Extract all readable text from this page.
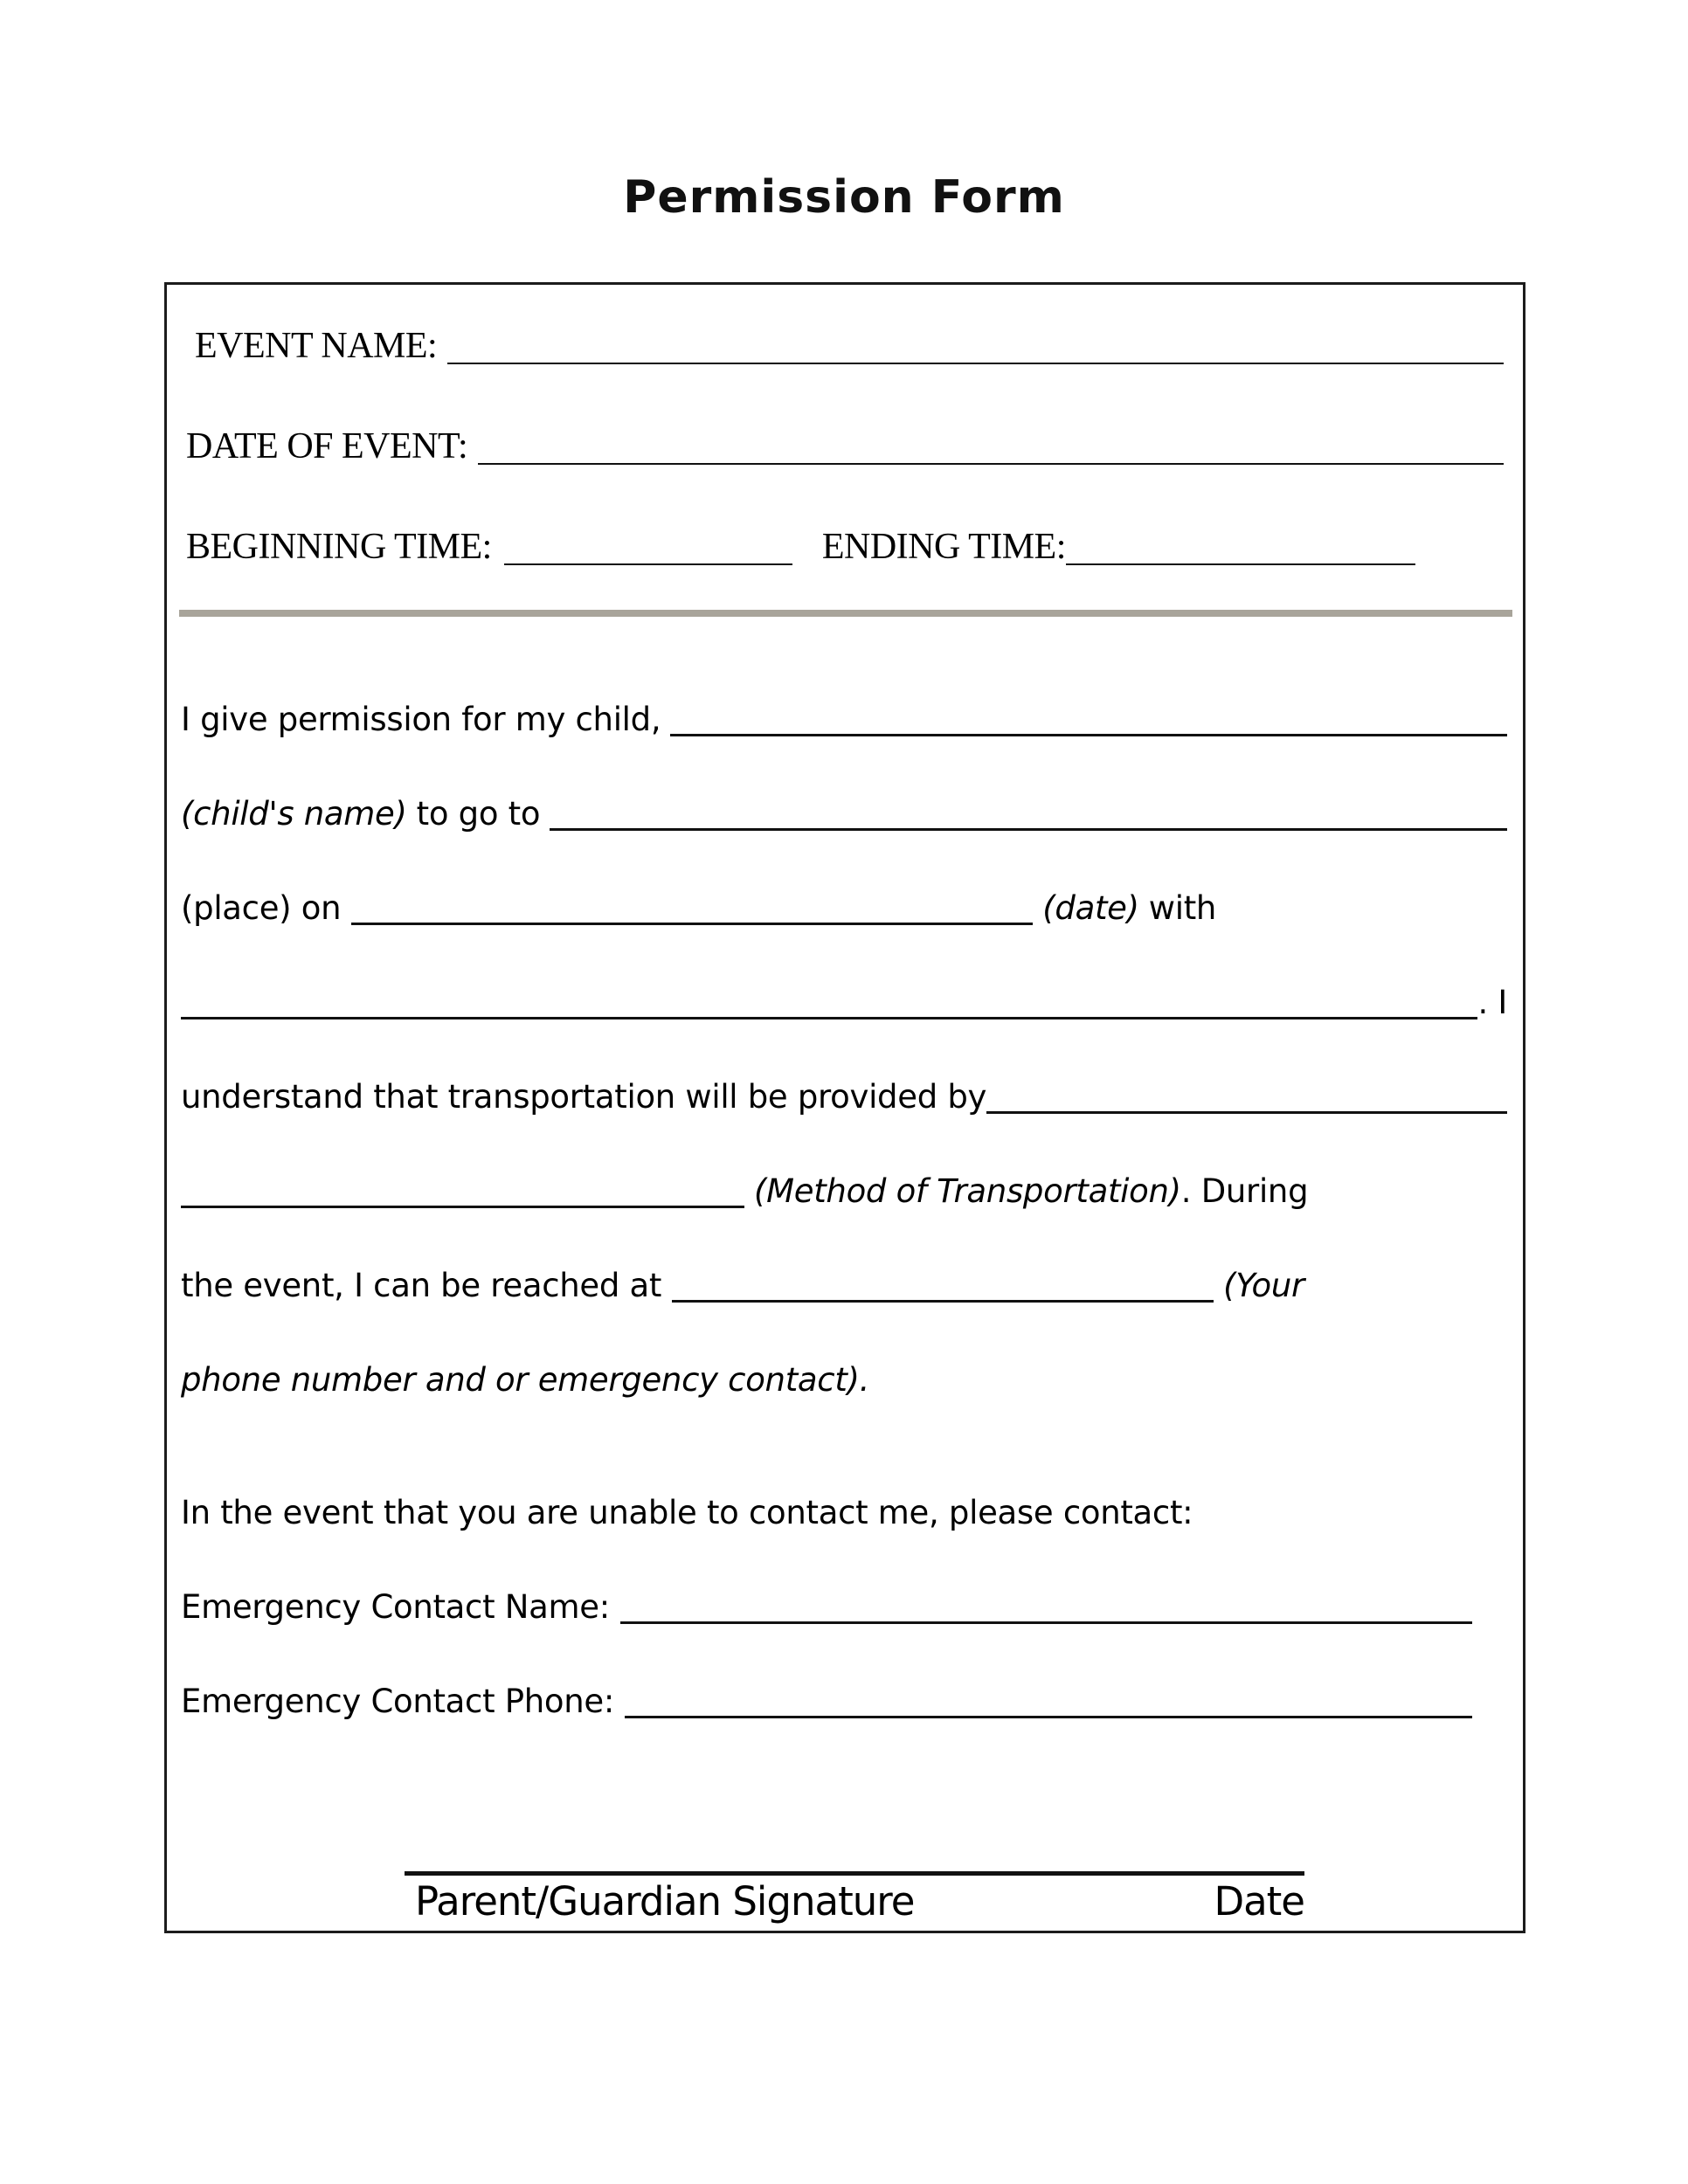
Permission Form
EVENT NAME:
DATE OF EVENT:
BEGINNING TIME:	ENDING TIME:
I give permission for my child,
(child's name) to go to
(place) on	(date) with
. I
understand that transportation will be provided by
(Method of Transportation) . During
the event, I can be reached at	(Your
phone number and or emergency contact).
In the event that you are unable to contact me, please contact:
Emergency Contact Name:
Emergency Contact Phone:
Parent/Guardian Signature	Date
